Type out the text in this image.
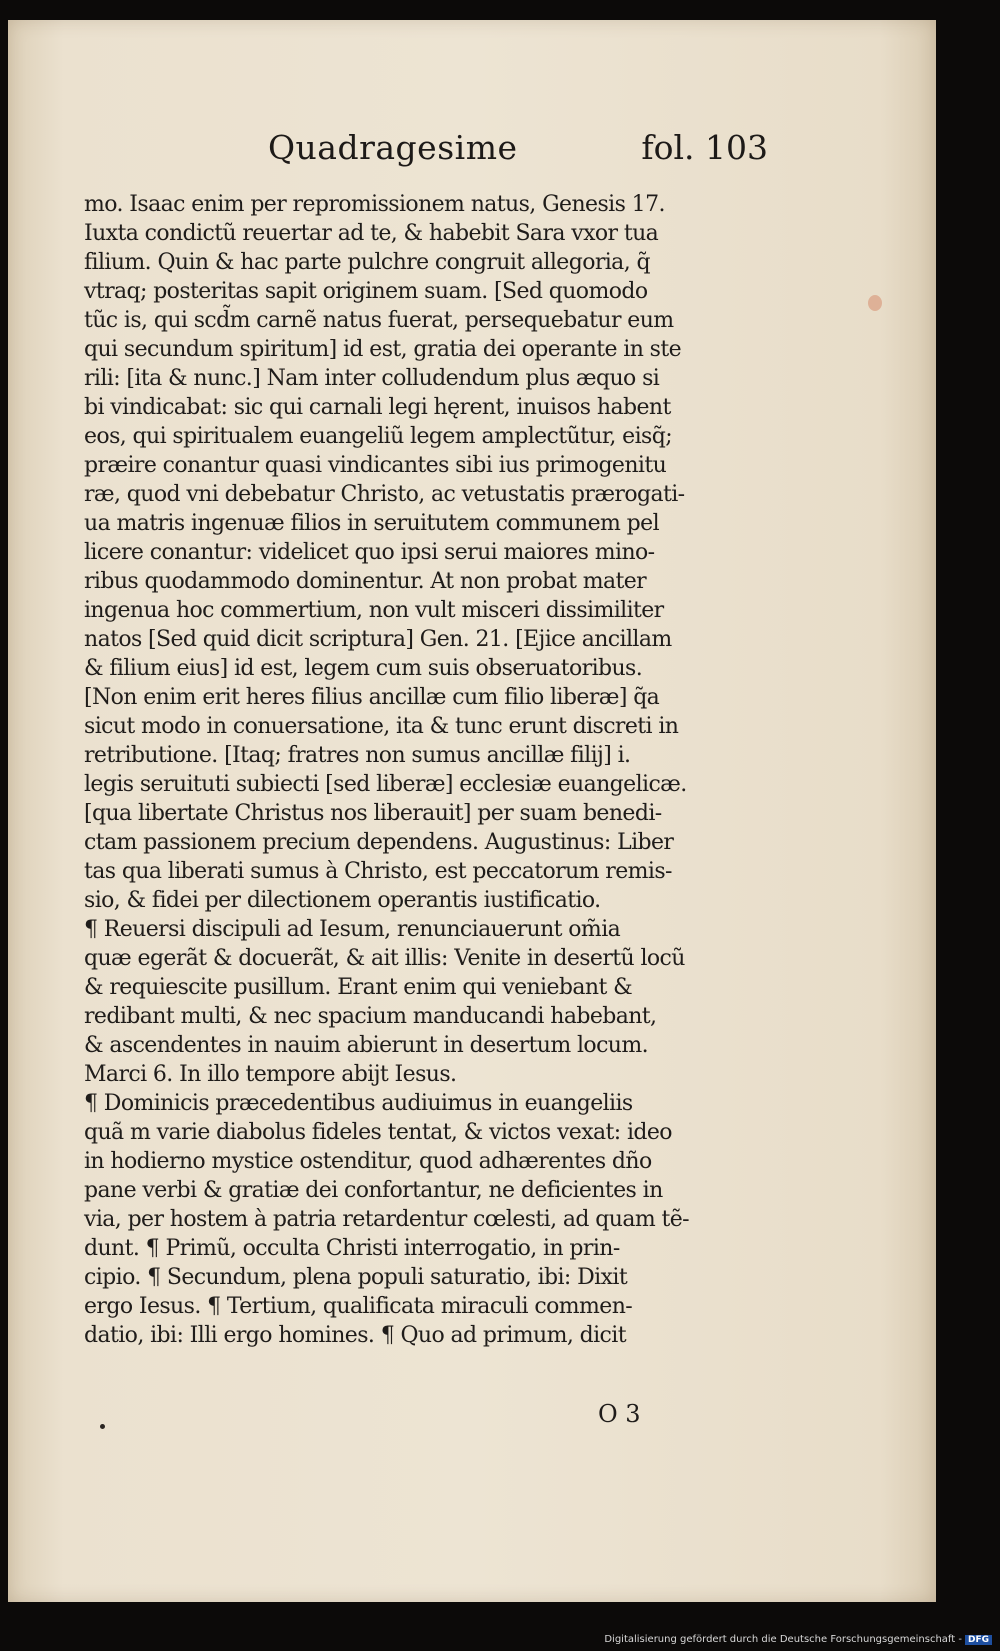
Quadragesime	fol. 103
mo. Isaac enim per repromissionem natus, Genesis 17.
Iuxta condictũ reuertar ad te, & habebit Sara vxor tua
filium. Quin & hac parte pulchre congruit allegoria, q̃
vtraq; posteritas sapit originem suam. [Sed quomodo
tũc is, qui scd̃m carnẽ natus fuerat, persequebatur eum
qui secundum spiritum] id est, gratia dei operante in ste
rili: [ita & nunc.] Nam inter colludendum plus æquo si
bi vindicabat: sic qui carnali legi hęrent, inuisos habent
eos, qui spiritualem euangeliũ legem amplectũtur, eisq̃;
præire conantur quasi vindicantes sibi ius primogenitu
ræ, quod vni debebatur Christo, ac vetustatis prærogati-
ua matris ingenuæ filios in seruitutem communem pel
licere conantur: videlicet quo ipsi serui maiores mino-
ribus quodammodo dominentur. At non probat mater
ingenua hoc commertium, non vult misceri dissimiliter
natos [Sed quid dicit scriptura] Gen. 21. [Ejice ancillam
& filium eius] id est, legem cum suis obseruatoribus.
[Non enim erit heres filius ancillæ cum filio liberæ] q̃a
sicut modo in conuersatione, ita & tunc erunt discreti in
retributione. [Itaq; fratres non sumus ancillæ filij] i.
legis seruituti subiecti [sed liberæ] ecclesiæ euangelicæ.
[qua libertate Christus nos liberauit] per suam benedi-
ctam passionem precium dependens. Augustinus: Liber
tas qua liberati sumus à Christo, est peccatorum remis-
sio, & fidei per dilectionem operantis iustificatio.
¶ Reuersi discipuli ad Iesum, renunciauerunt om̃ia
quæ egerãt & docuerãt, & ait illis: Venite in desertũ locũ
& requiescite pusillum. Erant enim qui veniebant &
redibant multi, & nec spacium manducandi habebant,
& ascendentes in nauim abierunt in desertum locum.
Marci 6. In illo tempore abijt Iesus.
¶ Dominicis præcedentibus audiuimus in euangeliis
quã m varie diabolus fideles tentat, & victos vexat: ideo
in hodierno mystice ostenditur, quod adhærentes dño
pane verbi & gratiæ dei confortantur, ne deficientes in
via, per hostem à patria retardentur cœlesti, ad quam tẽ-
dunt. ¶ Primũ, occulta Christi interrogatio, in prin-
cipio. ¶ Secundum, plena populi saturatio, ibi: Dixit
ergo Iesus. ¶ Tertium, qualificata miraculi commen-
datio, ibi: Illi ergo homines. ¶ Quo ad primum, dicit
O 3
Digitalisierung gefördert durch die Deutsche Forschungsgemeinschaft - DFG
